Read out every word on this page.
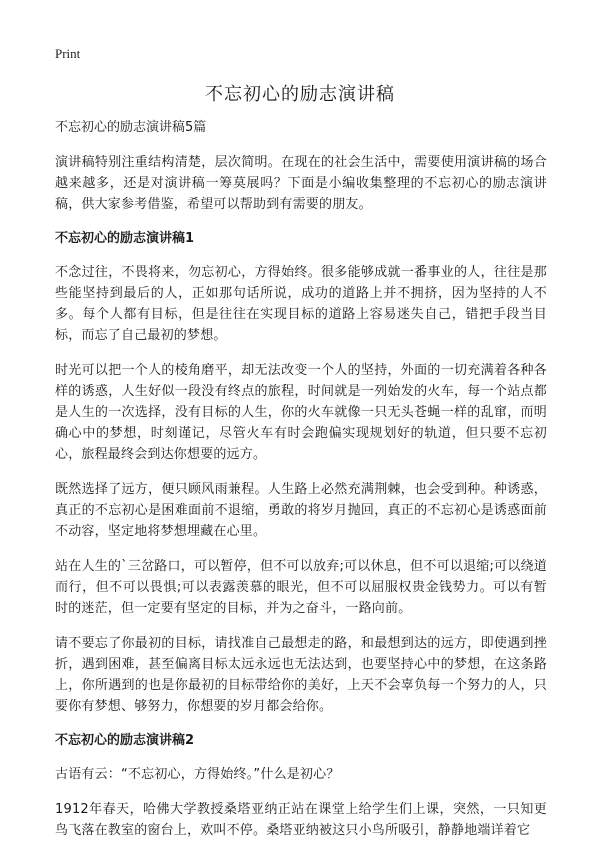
Print
不忘初心的励志演讲稿

不忘初心的励志演讲稿5篇

演讲稿特别注重结构清楚，层次简明。在现在的社会生活中，需要使用演讲稿的场合越来越多，还是对演讲稿一筹莫展吗？下面是小编收集整理的不忘初心的励志演讲稿，供大家参考借鉴，希望可以帮助到有需要的朋友。

不忘初心的励志演讲稿1

不念过往，不畏将来，勿忘初心，方得始终。很多能够成就一番事业的人，往往是那些能坚持到最后的人，正如那句话所说，成功的道路上并不拥挤，因为坚持的人不多。每个人都有目标，但是往往在实现目标的道路上容易迷失自己，错把手段当目标，而忘了自己最初的梦想。

时光可以把一个人的棱角磨平，却无法改变一个人的坚持，外面的一切充满着各种各样的诱惑，人生好似一段没有终点的旅程，时间就是一列始发的火车，每一个站点都是人生的一次选择，没有目标的人生，你的火车就像一只无头苍蝇一样的乱窜，而明确心中的梦想，时刻谨记，尽管火车有时会跑偏实现规划好的轨道，但只要不忘初心，旅程最终会到达你想要的远方。

既然选择了远方，便只顾风雨兼程。人生路上必然充满荆棘，也会受到种。种诱惑，真正的不忘初心是困难面前不退缩，勇敢的将岁月抛回，真正的不忘初心是诱惑面前不动容，坚定地将梦想埋藏在心里。

站在人生的`三岔路口，可以暂停，但不可以放弃;可以休息，但不可以退缩;可以绕道而行，但不可以畏惧;可以表露羡慕的眼光，但不可以屈服权贵金钱势力。可以有暂时的迷茫，但一定要有坚定的目标，并为之奋斗，一路向前。

请不要忘了你最初的目标，请找准自己最想走的路，和最想到达的远方，即使遇到挫折，遇到困难，甚至偏离目标太远永远也无法达到，也要坚持心中的梦想，在这条路上，你所遇到的也是你最初的目标带给你的美好，上天不会辜负每一个努力的人，只要你有梦想、够努力，你想要的岁月都会给你。

不忘初心的励志演讲稿2

古语有云：“不忘初心，方得始终。”什么是初心？

1912年春天，哈佛大学教授桑塔亚纳正站在课堂上给学生们上课，突然，一只知更鸟飞落在教室的窗台上，欢叫不停。桑塔亚纳被这只小鸟所吸引，静静地端详着它
